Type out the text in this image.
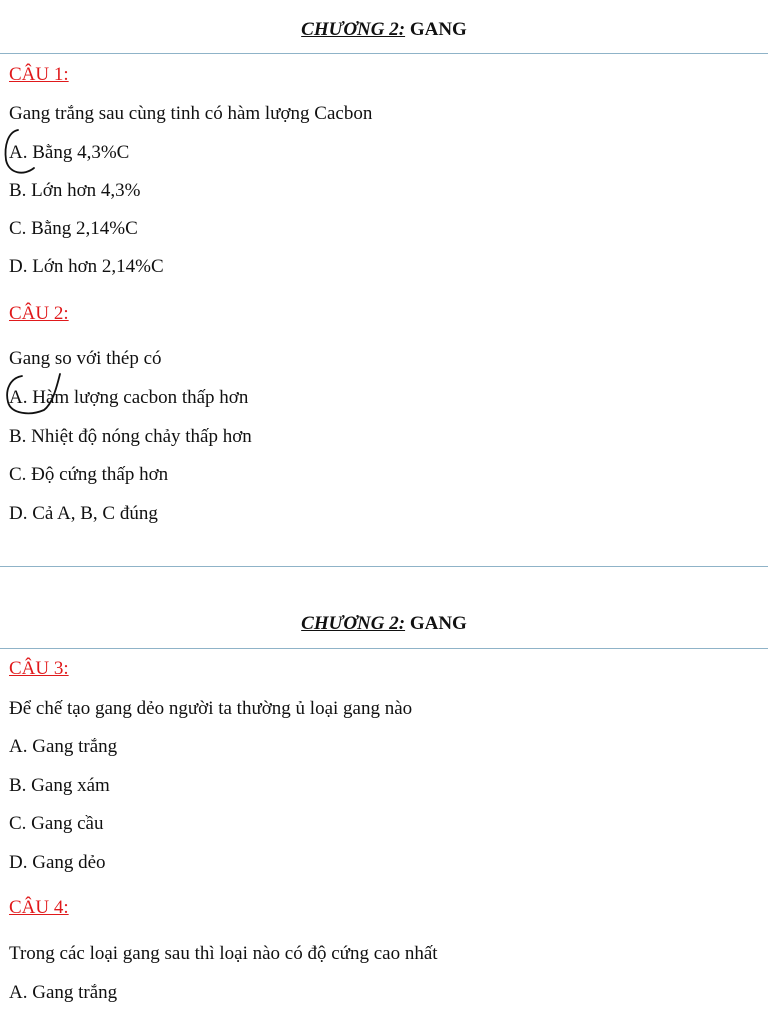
CHƯƠNG 2: GANG
CÂU 1:
Gang trắng sau cùng tinh có hàm lượng Cacbon
A. Bằng 4,3%C
B. Lớn hơn 4,3%
C. Bằng 2,14%C
D. Lớn hơn 2,14%C
CÂU 2:
Gang so với thép có
A. Hàm lượng cacbon thấp hơn
B. Nhiệt độ nóng chảy thấp hơn
C. Độ cứng thấp hơn
D. Cả A, B, C đúng
CHƯƠNG 2: GANG
CÂU 3:
Để chế tạo gang dẻo người ta thường ủ loại gang nào
A. Gang trắng
B. Gang xám
C. Gang cầu
D. Gang dẻo
CÂU 4:
Trong các loại gang sau thì loại nào có độ cứng cao nhất
A. Gang trắng
